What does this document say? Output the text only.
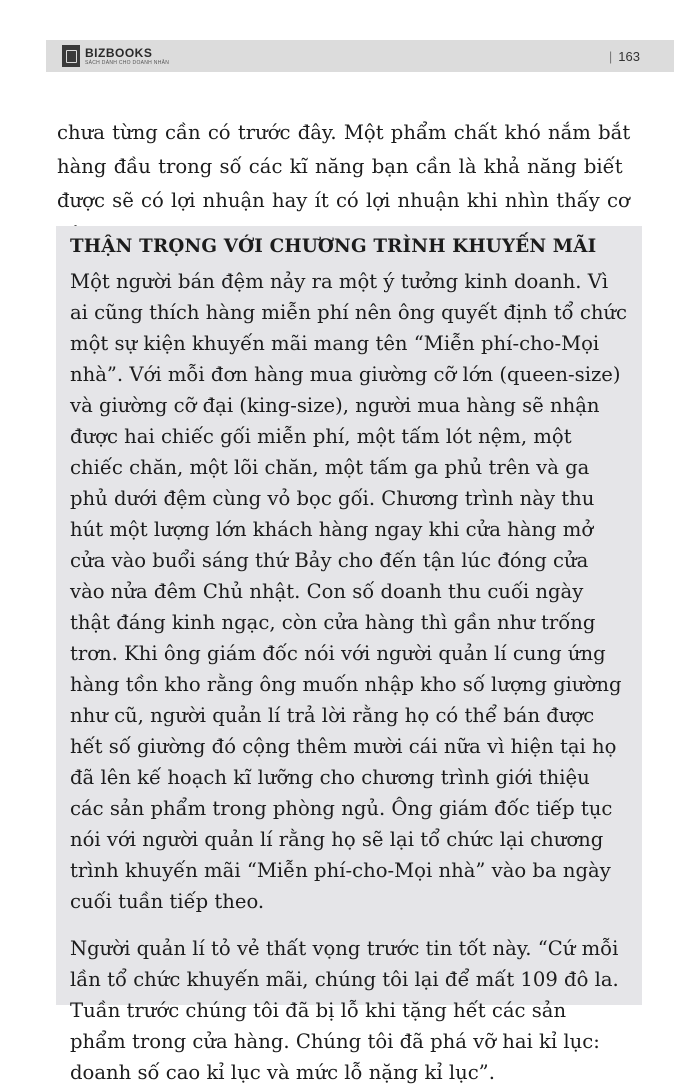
BIZBOOKS
SÁCH DÀNH CHO DOANH NHÂN	| 163

chưa từng cần có trước đây. Một phẩm chất khó nắm bắt hàng đầu trong số các kĩ năng bạn cần là khả năng biết được sẽ có lợi nhuận hay ít có lợi nhuận khi nhìn thấy cơ

THẬN TRỌNG VỚI CHƯƠNG TRÌNH KHUYẾN MÃI

Một người bán đệm nảy ra một ý tưởng kinh doanh. Vì ai cũng thích hàng miễn phí nên ông quyết định tổ chức một sự kiện khuyến mãi mang tên “Miễn phí-cho-Mọi nhà”. Với mỗi đơn hàng mua giường cỡ lớn (queen-size) và giường cỡ đại (king-size), người mua hàng sẽ nhận được hai chiếc gối miễn phí, một tấm lót nệm, một chiếc chăn, một lõi chăn, một tấm ga phủ trên và ga phủ dưới đệm cùng vỏ bọc gối. Chương trình này thu hút một lượng lớn khách hàng ngay khi cửa hàng mở cửa vào buổi sáng thứ Bảy cho đến tận lúc đóng cửa vào nửa đêm Chủ nhật. Con số doanh thu cuối ngày thật đáng kinh ngạc, còn cửa hàng thì gần như trống trơn. Khi ông giám đốc nói với người quản lí cung ứng hàng tồn kho rằng ông muốn nhập kho số lượng giường như cũ, người quản lí trả lời rằng họ có thể bán được hết số giường đó cộng thêm mười cái nữa vì hiện tại họ đã lên kế hoạch kĩ lưỡng cho chương trình giới thiệu các sản phẩm trong phòng ngủ. Ông giám đốc tiếp tục nói với người quản lí rằng họ sẽ lại tổ chức lại chương trình khuyến mãi “Miễn phí-cho-Mọi nhà” vào ba ngày cuối tuần tiếp theo.

Người quản lí tỏ vẻ thất vọng trước tin tốt này. “Cứ mỗi lần tổ chức khuyến mãi, chúng tôi lại để mất 109 đô la. Tuần trước chúng tôi đã bị lỗ khi tặng hết các sản phẩm trong cửa hàng. Chúng tôi đã phá vỡ hai kỉ lục: doanh số cao kỉ lục và mức lỗ nặng kỉ lục”.
